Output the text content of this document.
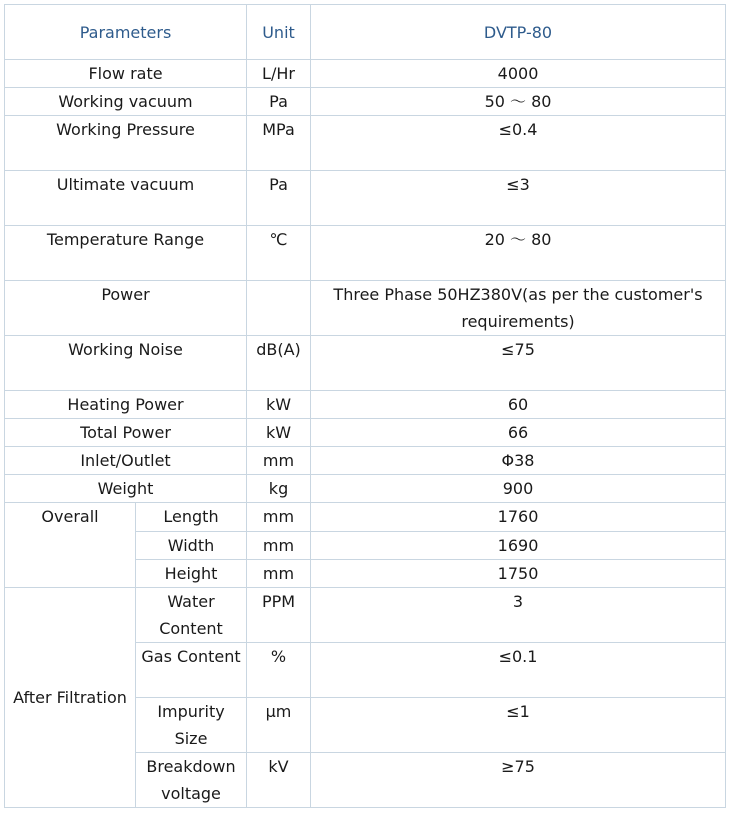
Parameters		Unit	DVTP-80
Flow rate		L/Hr	4000
Working vacuum		Pa	50 ～ 80
Working Pressure		MPa	≤0.4
Ultimate vacuum		Pa	≤3
Temperature Range		℃	20 ～ 80
Power			Three Phase 50HZ380V(as per the customer's requirements)
Working Noise		dB(A)	≤75
Heating Power		kW	60
Total Power		kW	66
Inlet/Outlet		mm	Φ38
Weight		kg	900
Overall	Length	mm	1760
	Width	mm	1690
	Height	mm	1750
After Filtration	Water Content	PPM	3
	Gas Content	%	≤0.1
	Impurity Size	μm	≤1
	Breakdown voltage	kV	≥75
